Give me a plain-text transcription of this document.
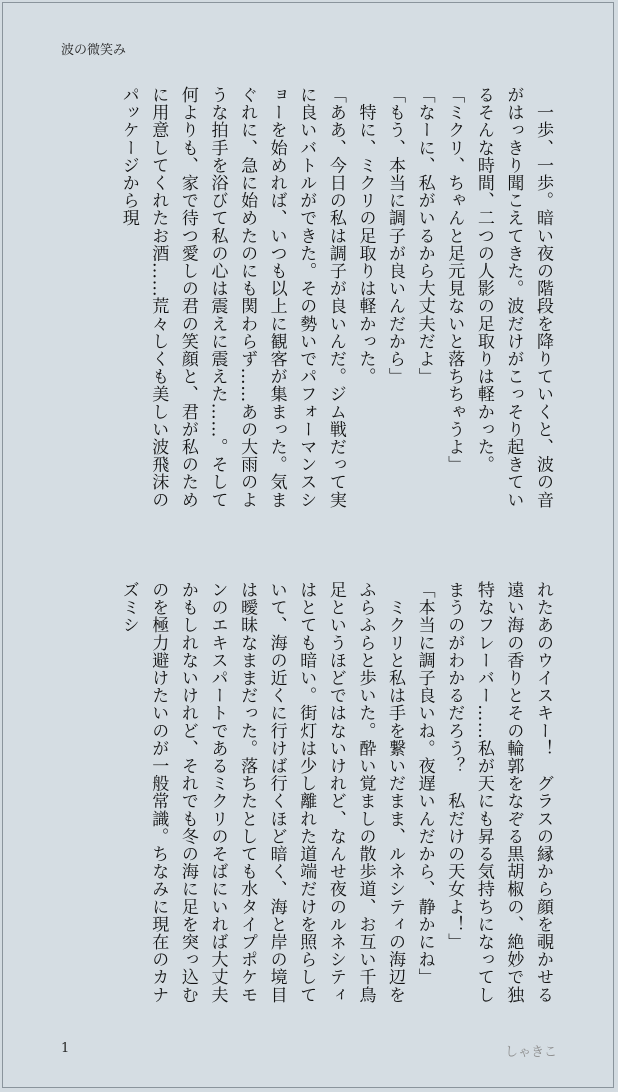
波の微笑み

　一歩、一歩。暗い夜の階段を降りていくと、波の音がはっきり聞こえてきた。波だけがこっそり起きているそんな時間、二つの人影の足取りは軽かった。

「ミクリ、ちゃんと足元見ないと落ちちゃうよ」

「なーに、私がいるから大丈夫だよ」

「もう、本当に調子が良いんだから」

　特に、ミクリの足取りは軽かった。

「ああ、今日の私は調子が良いんだ。ジム戦だって実に良いバトルができた。その勢いでパフォーマンスショーを始めれば、いつも以上に観客が集まった。気まぐれに、急に始めたのにも関わらず……あの大雨のような拍手を浴びて私の心は震えに震えた……。そして何よりも、家で待つ愛しの君の笑顔と、君が私のために用意してくれたお酒……荒々しくも美しい波飛沫のパッケージから現

れたあのウイスキー！　グラスの縁から顔を覗かせる遠い海の香りとその輪郭をなぞる黒胡椒の、絶妙で独特なフレーバー……私が天にも昇る気持ちになってしまうのがわかるだろう？　私だけの天女よ！」

「本当に調子良いね。夜遅いんだから、静かにね」

　ミクリと私は手を繋いだまま、ルネシティの海辺をふらふらと歩いた。酔い覚ましの散歩道、お互い千鳥足というほどではないけれど、なんせ夜のルネシティはとても暗い。街灯は少し離れた道端だけを照らしていて、海の近くに行けば行くほど暗く、海と岸の境目は曖昧なままだった。落ちたとしても水タイプポケモンのエキスパートであるミクリのそばにいれば大丈夫かもしれないけれど、それでも冬の海に足を突っ込むのを極力避けたいのが一般常識。ちなみに現在のカナズミシ

1	しゃきこ
